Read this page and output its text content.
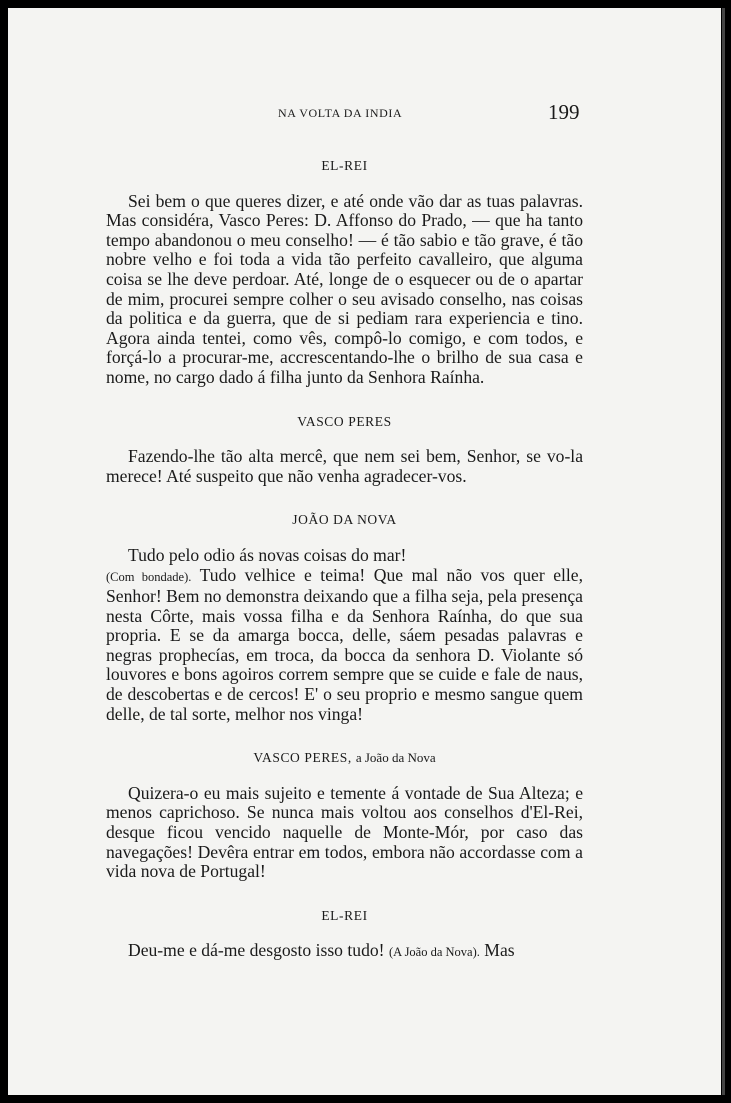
NA VOLTA DA INDIA	199
EL-REI

Sei bem o que queres dizer, e até onde vão dar as tuas palavras. Mas considéra, Vasco Peres: D. Affonso do Prado, — que ha tanto tempo abandonou o meu conselho! — é tão sabio e tão grave, é tão nobre velho e foi toda a vida tão perfeito cavalleiro, que alguma coisa se lhe deve perdoar. Até, longe de o esquecer ou de o apartar de mim, procurei sempre colher o seu avisado conselho, nas coisas da politica e da guerra, que de si pediam rara experiencia e tino. Agora ainda tentei, como vês, compô-lo comigo, e com todos, e forçá-lo a procurar-me, accrescentando-lhe o brilho de sua casa e nome, no cargo dado á filha junto da Senhora Raínha.

VASCO PERES

Fazendo-lhe tão alta mercê, que nem sei bem, Senhor, se vo-la merece! Até suspeito que não venha agradecer-vos.

JOÃO DA NOVA

Tudo pelo odio ás novas coisas do mar!

(Com bondade). Tudo velhice e teima! Que mal não vos quer elle, Senhor! Bem no demonstra deixando que a filha seja, pela presença nesta Côrte, mais vossa filha e da Senhora Raínha, do que sua propria. E se da amarga bocca, delle, sáem pesadas palavras e negras prophecías, em troca, da bocca da senhora D. Violante só louvores e bons agoiros correm sempre que se cuide e fale de naus, de descobertas e de cercos! E' o seu proprio e mesmo sangue quem delle, de tal sorte, melhor nos vinga!

VASCO PERES, a João da Nova

Quizera-o eu mais sujeito e temente á vontade de Sua Alteza; e menos caprichoso. Se nunca mais voltou aos conselhos d'El-Rei, desque ficou vencido naquelle de Monte-Mór, por caso das navegações! Devêra entrar em todos, embora não accordasse com a vida nova de Portugal!

EL-REI

Deu-me e dá-me desgosto isso tudo! (A João da Nova). Mas
